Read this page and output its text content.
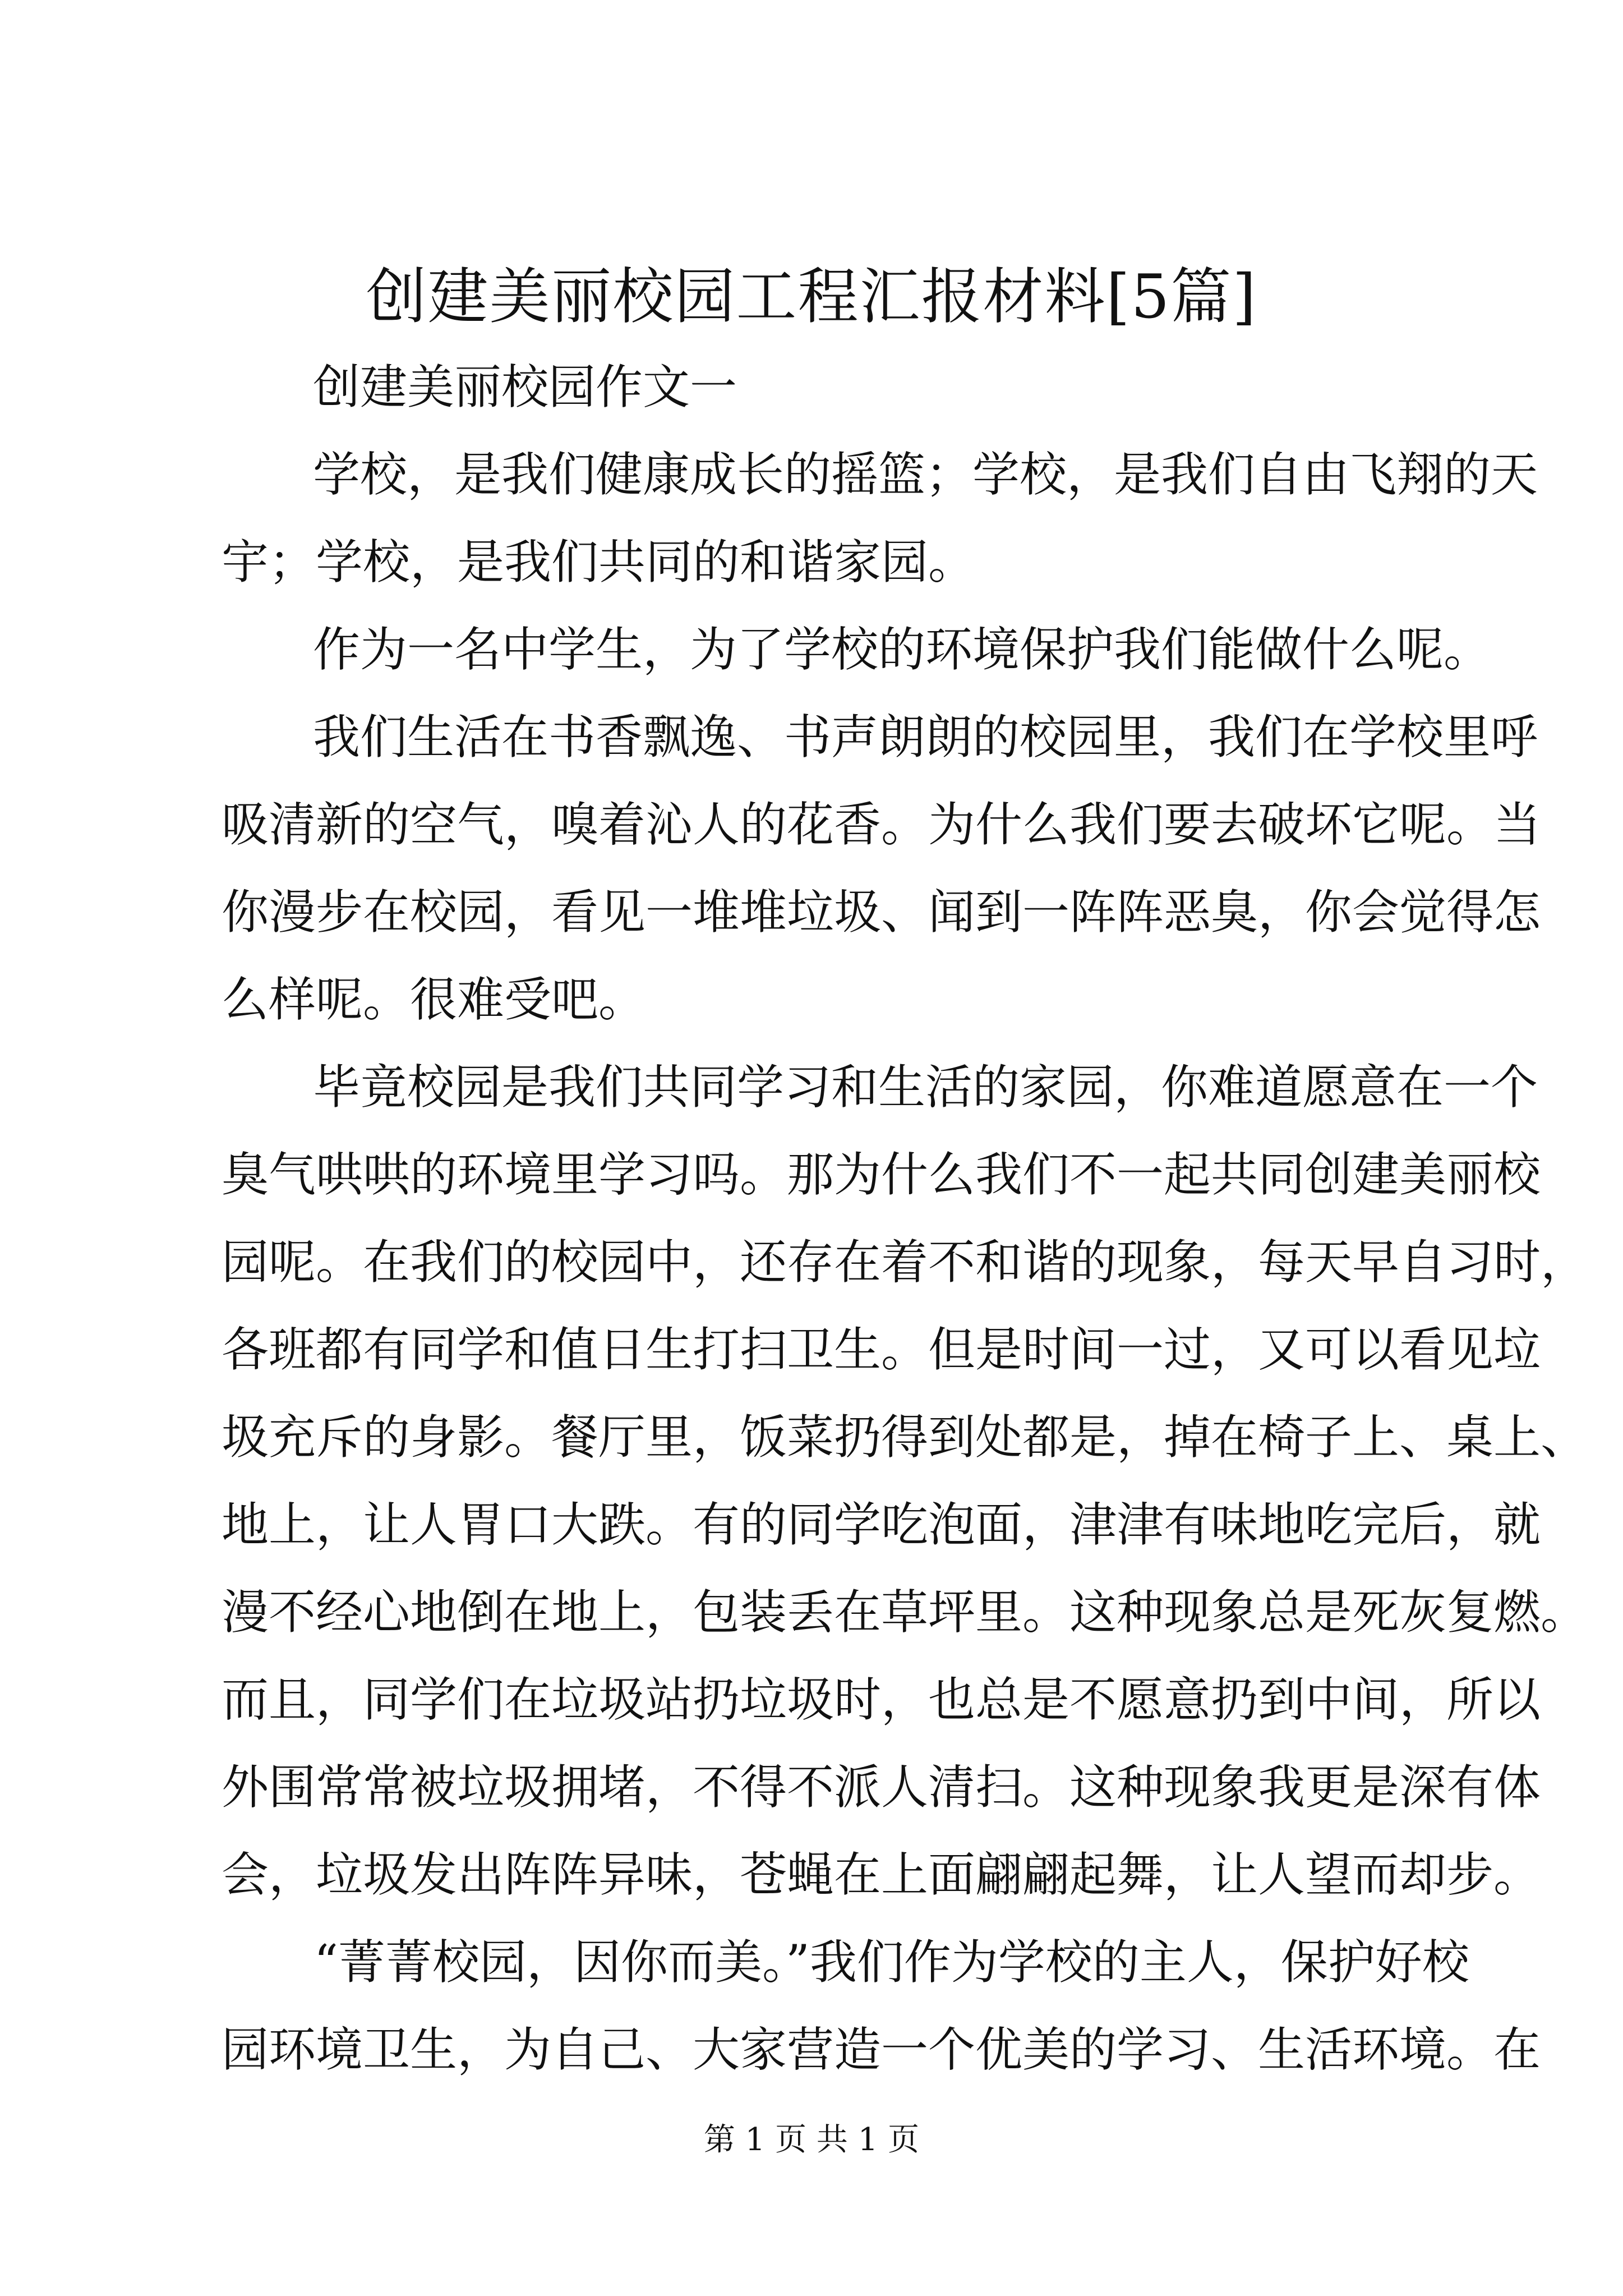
创建美丽校园工程汇报材料[5篇]
创建美丽校园作文一
学校，是我们健康成长的摇篮；学校，是我们自由飞翔的天
宇；学校，是我们共同的和谐家园。
作为一名中学生，为了学校的环境保护我们能做什么呢。
我们生活在书香飘逸、书声朗朗的校园里，我们在学校里呼
吸清新的空气，嗅着沁人的花香。为什么我们要去破坏它呢。当
你漫步在校园，看见一堆堆垃圾、闻到一阵阵恶臭，你会觉得怎
么样呢。很难受吧。
毕竟校园是我们共同学习和生活的家园，你难道愿意在一个
臭气哄哄的环境里学习吗。那为什么我们不一起共同创建美丽校
园呢。在我们的校园中，还存在着不和谐的现象，每天早自习时，
各班都有同学和值日生打扫卫生。但是时间一过，又可以看见垃
圾充斥的身影。餐厅里，饭菜扔得到处都是，掉在椅子上、桌上、
地上，让人胃口大跌。有的同学吃泡面，津津有味地吃完后，就
漫不经心地倒在地上，包装丢在草坪里。这种现象总是死灰复燃。
而且，同学们在垃圾站扔垃圾时，也总是不愿意扔到中间，所以
外围常常被垃圾拥堵，不得不派人清扫。这种现象我更是深有体
会，垃圾发出阵阵异味，苍蝇在上面翩翩起舞，让人望而却步。
“菁菁校园，因你而美。”我们作为学校的主人，保护好校
园环境卫生，为自己、大家营造一个优美的学习、生活环境。在
第 1 页 共 1 页
